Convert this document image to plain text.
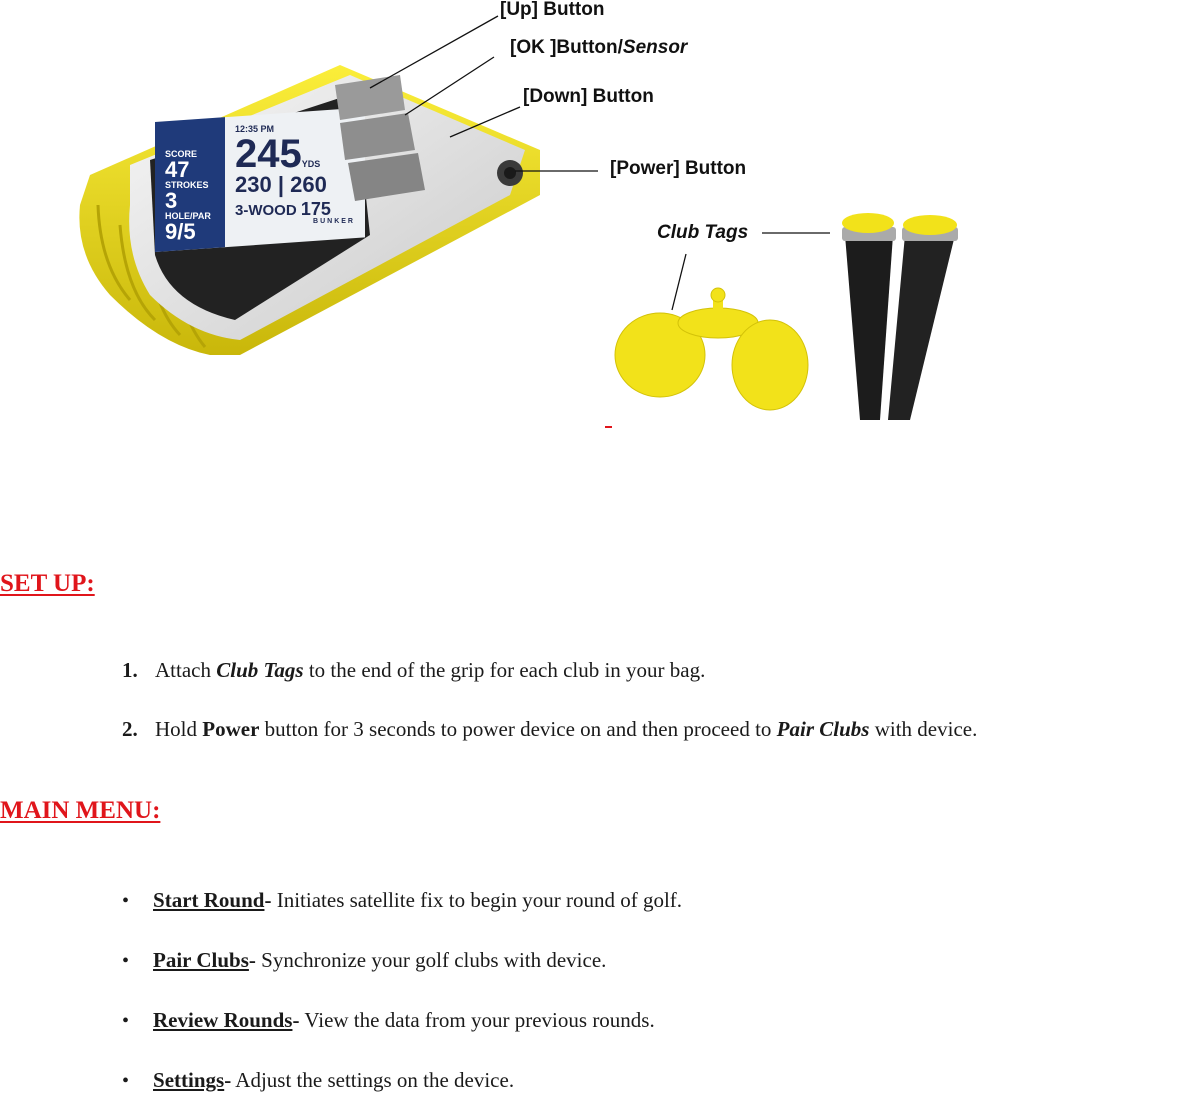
SCORE
47
STROKES
3
HOLE/PAR
9/5
12:35 PM
245YDS
230 | 260
3-WOOD 175
BUNKER
[Up] Button
[OK ]Button/Sensor
[Down] Button
[Power] Button
Club Tags
SET UP:
1. Attach Club Tags to the end of the grip for each club in your bag.
2. Hold Power button for 3 seconds to power device on and then proceed to Pair Clubs with device.
MAIN MENU:
• Start Round- Initiates satellite fix to begin your round of golf.
• Pair Clubs- Synchronize your golf clubs with device.
• Review Rounds- View the data from your previous rounds.
• Settings- Adjust the settings on the device.
